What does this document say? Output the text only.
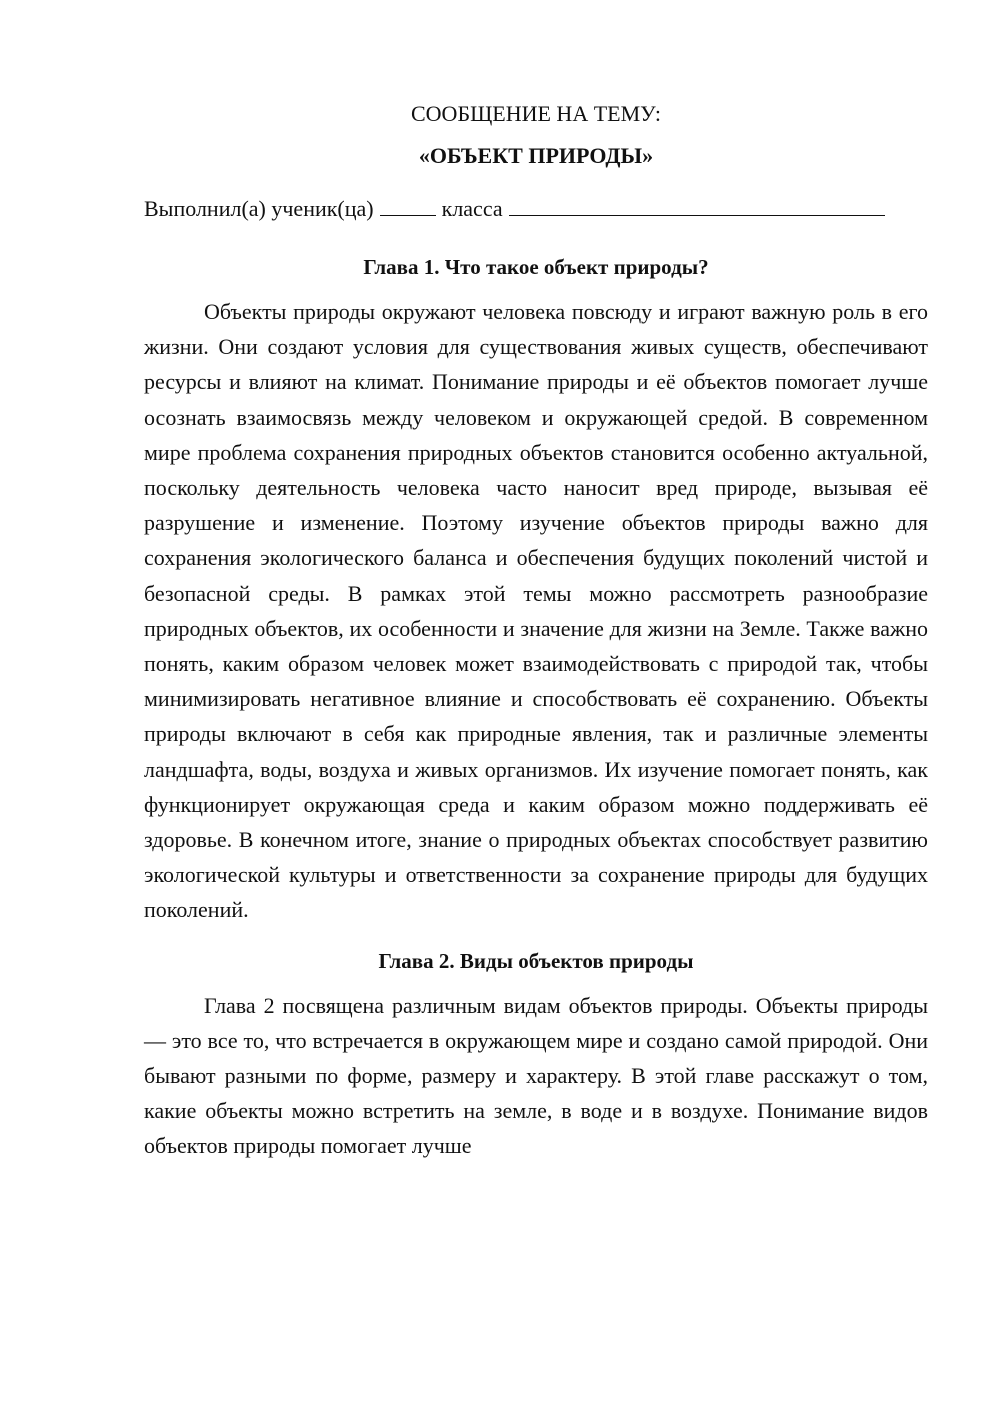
СООБЩЕНИЕ НА ТЕМУ:
«ОБЪЕКТ ПРИРОДЫ»
Выполнил(а) ученик(ца)	класса
Глава 1. Что такое объект природы?

Объекты природы окружают человека повсюду и играют важную роль в его жизни. Они создают условия для существования живых существ, обеспечивают ресурсы и влияют на климат. Понимание природы и её объектов помогает лучше осознать взаимосвязь между человеком и окружающей средой. В современном мире проблема сохранения природных объектов становится особенно актуальной, поскольку деятельность человека часто наносит вред природе, вызывая её разрушение и изменение. Поэтому изучение объектов природы важно для сохранения экологического баланса и обеспечения будущих поколений чистой и безопасной среды. В рамках этой темы можно рассмотреть разнообразие природных объектов, их особенности и значение для жизни на Земле. Также важно понять, каким образом человек может взаимодействовать с природой так, чтобы минимизировать негативное влияние и способствовать её сохранению. Объекты природы включают в себя как природные явления, так и различные элементы ландшафта, воды, воздуха и живых организмов. Их изучение помогает понять, как функционирует окружающая среда и каким образом можно поддерживать её здоровье. В конечном итоге, знание о природных объектах способствует развитию экологической культуры и ответственности за сохранение природы для будущих поколений.

Глава 2. Виды объектов природы

Глава 2 посвящена различным видам объектов природы. Объекты природы — это все то, что встречается в окружающем мире и создано самой природой. Они бывают разными по форме, размеру и характеру. В этой главе расскажут о том, какие объекты можно встретить на земле, в воде и в воздухе. Понимание видов объектов природы помогает лучше
